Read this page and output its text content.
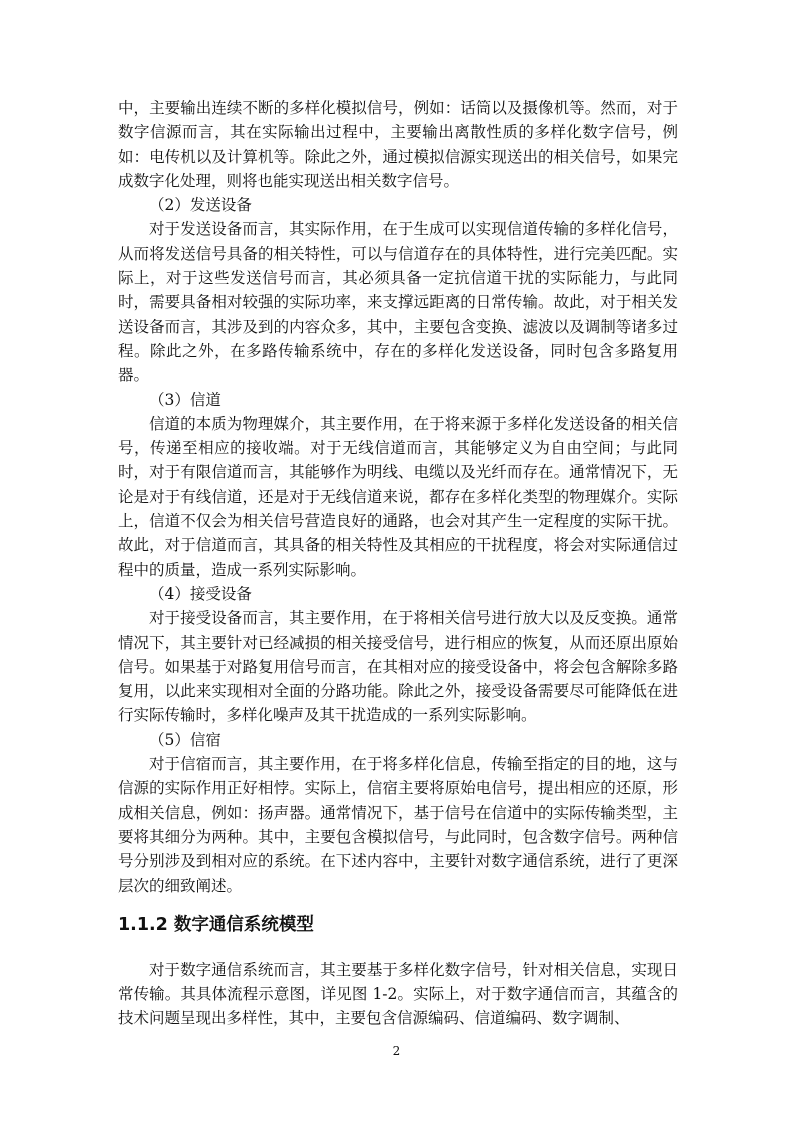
中，主要输出连续不断的多样化模拟信号，例如：话筒以及摄像机等。然而，对于数字信源而言，其在实际输出过程中，主要输出离散性质的多样化数字信号，例如：电传机以及计算机等。除此之外，通过模拟信源实现送出的相关信号，如果完成数字化处理，则将也能实现送出相关数字信号。

（2）发送设备

对于发送设备而言，其实际作用，在于生成可以实现信道传输的多样化信号，从而将发送信号具备的相关特性，可以与信道存在的具体特性，进行完美匹配。实际上，对于这些发送信号而言，其必须具备一定抗信道干扰的实际能力，与此同时，需要具备相对较强的实际功率，来支撑远距离的日常传输。故此，对于相关发送设备而言，其涉及到的内容众多，其中，主要包含变换、滤波以及调制等诸多过程。除此之外，在多路传输系统中，存在的多样化发送设备，同时包含多路复用器。

（3）信道

信道的本质为物理媒介，其主要作用，在于将来源于多样化发送设备的相关信号，传递至相应的接收端。对于无线信道而言，其能够定义为自由空间；与此同时，对于有限信道而言，其能够作为明线、电缆以及光纤而存在。通常情况下，无论是对于有线信道，还是对于无线信道来说，都存在多样化类型的物理媒介。实际上，信道不仅会为相关信号营造良好的通路，也会对其产生一定程度的实际干扰。故此，对于信道而言，其具备的相关特性及其相应的干扰程度，将会对实际通信过程中的质量，造成一系列实际影响。

（4）接受设备

对于接受设备而言，其主要作用，在于将相关信号进行放大以及反变换。通常情况下，其主要针对已经减损的相关接受信号，进行相应的恢复，从而还原出原始信号。如果基于对路复用信号而言，在其相对应的接受设备中，将会包含解除多路复用，以此来实现相对全面的分路功能。除此之外，接受设备需要尽可能降低在进行实际传输时，多样化噪声及其干扰造成的一系列实际影响。

（5）信宿

对于信宿而言，其主要作用，在于将多样化信息，传输至指定的目的地，这与信源的实际作用正好相悖。实际上，信宿主要将原始电信号，提出相应的还原，形成相关信息，例如：扬声器。通常情况下，基于信号在信道中的实际传输类型，主要将其细分为两种。其中，主要包含模拟信号，与此同时，包含数字信号。两种信号分别涉及到相对应的系统。在下述内容中，主要针对数字通信系统，进行了更深层次的细致阐述。

1.1.2 数字通信系统模型

对于数字通信系统而言，其主要基于多样化数字信号，针对相关信息，实现日常传输。其具体流程示意图，详见图 1-2。实际上，对于数字通信而言，其蕴含的技术问题呈现出多样性，其中，主要包含信源编码、信道编码、数字调制、

2
